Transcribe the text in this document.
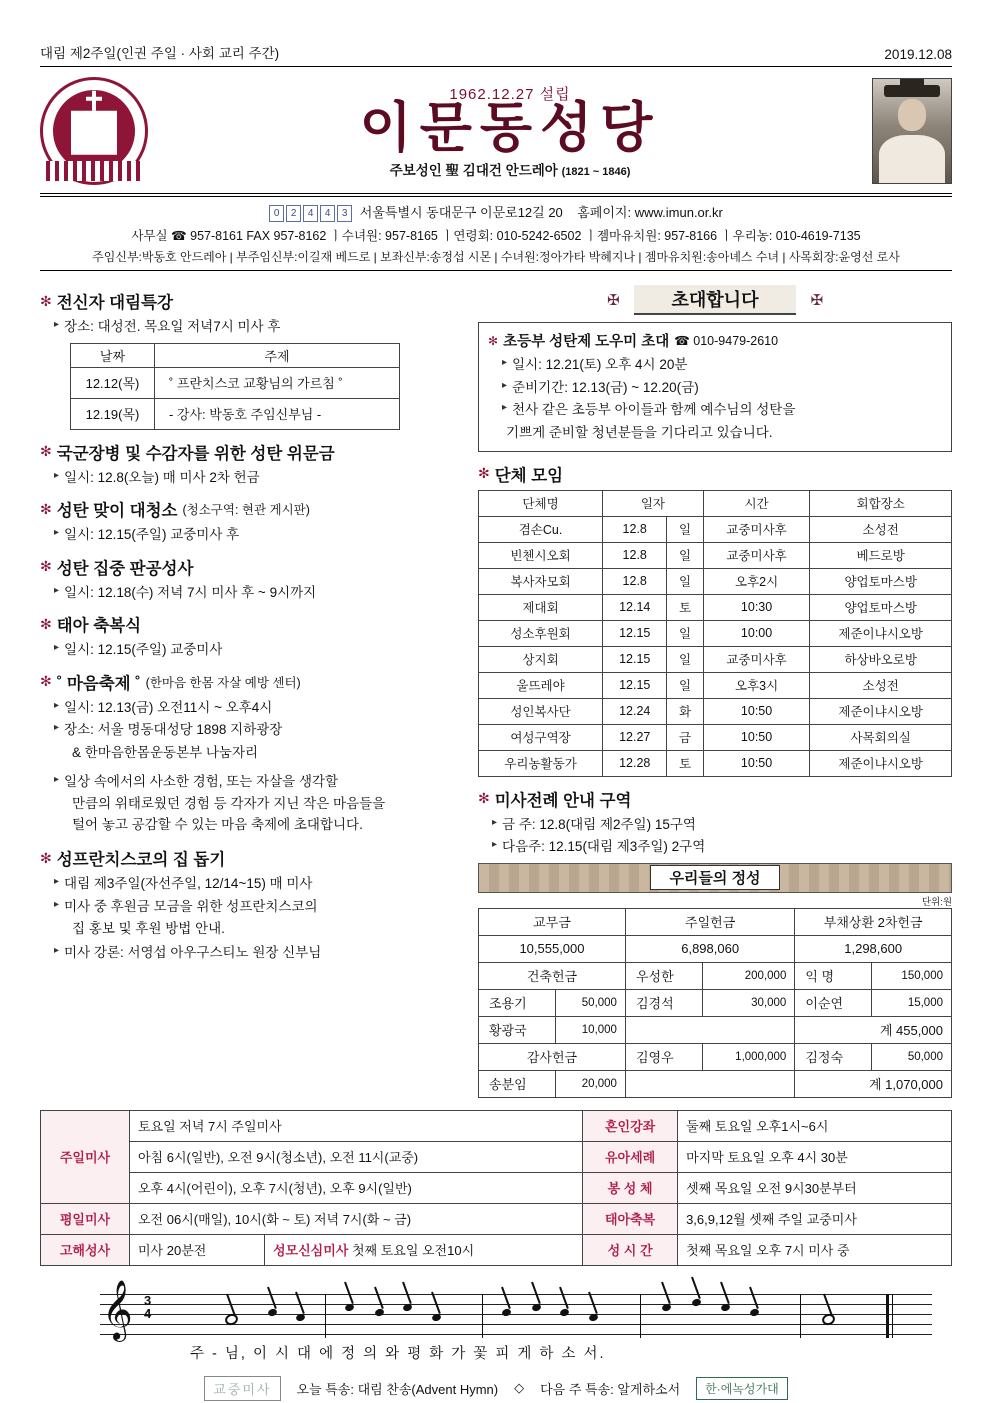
대림 제2주일(인권 주일 · 사회 교리 주간)	2019.12.08
1962.12.27 설립
이문동성당
주보성인 聖 김대건 안드레아 (1821 ~ 1846)
0	2	4	4	3 서울특별시 동대문구 이문로12길 20 홈페이지: www.imun.or.kr
사무실 ☎ 957-8161 FAX 957-8162 ㅣ수녀원: 957-8165 ㅣ연령회: 010-5242-6502 ㅣ젬마유치원: 957-8166 ㅣ우리농: 010-4619-7135
주임신부:박동호 안드레아 | 부주임신부:이길재 베드로 | 보좌신부:송정섭 시몬 | 수녀원:정아가타 박혜지나 | 젬마유치원:송아녜스 수녀 | 사목회장:윤영선 로사
✻ 전신자 대림특강
▸ 장소: 대성전. 목요일 저녁7시 미사 후
날짜	주제
12.12(목)	˚ 프란치스코 교황님의 가르침 ˚
12.19(목)	- 강사: 박동호 주임신부님 -
✻ 국군장병 및 수감자를 위한 성탄 위문금
▸ 일시: 12.8(오늘) 매 미사 2차 헌금
✻ 성탄 맞이 대청소 (청소구역: 현관 게시판)
▸ 일시: 12.15(주일) 교중미사 후
✻ 성탄 집중 판공성사
▸ 일시: 12.18(수) 저녁 7시 미사 후 ~ 9시까지
✻ 태아 축복식
▸ 일시: 12.15(주일) 교중미사
✻ ˚ 마음축제 ˚ (한마음 한몸 자살 예방 센터)
▸ 일시: 12.13(금) 오전11시 ~ 오후4시
▸ 장소: 서울 명동대성당 1898 지하광장
& 한마음한몸운동본부 나눔자리
▸ 일상 속에서의 사소한 경험, 또는 자살을 생각할
만큼의 위태로웠던 경험 등 각자가 지닌 작은 마음들을
털어 놓고 공감할 수 있는 마음 축제에 초대합니다.
✻ 성프란치스코의 집 돕기
▸ 대림 제3주일(자선주일, 12/14~15) 매 미사
▸ 미사 중 후원금 모금을 위한 성프란치스코의
집 홍보 및 후원 방법 안내.
▸ 미사 강론: 서영섭 아우구스티노 원장 신부님
✠	초대합니다	✠
✻ 초등부 성탄제 도우미 초대 ☎ 010-9479-2610
▸ 일시: 12.21(토) 오후 4시 20분
▸ 준비기간: 12.13(금) ~ 12.20(금)
▸ 천사 같은 초등부 아이들과 함께 예수님의 성탄을
기쁘게 준비할 청년분들을 기다리고 있습니다.
✻ 단체 모임
단체명	일자		시간	회합장소
겸손Cu.	12.8	일	교중미사후	소성전
빈첸시오회	12.8	일	교중미사후	베드로방
복사자모회	12.8	일	오후2시	양업토마스방
제대회	12.14	토	10:30	양업토마스방
성소후원회	12.15	일	10:00	제준이냐시오방
상지회	12.15	일	교중미사후	하상바오로방
울뜨레야	12.15	일	오후3시	소성전
성인복사단	12.24	화	10:50	제준이냐시오방
여성구역장	12.27	금	10:50	사목회의실
우리농활동가	12.28	토	10:50	제준이냐시오방
✻ 미사전례 안내 구역
▸ 금 주: 12.8(대림 제2주일) 15구역
▸ 다음주: 12.15(대림 제3주일) 2구역
우리들의 정성
단위:원
교무금		주일헌금		부채상환 2차헌금	
10,555,000		6,898,060		1,298,600	
건축헌금		우성한	200,000	익 명	150,000
조용기	50,000	김경석	30,000	이순연	15,000
황광국	10,000			계 455,000	
감사헌금		김영우	1,000,000	김정숙	50,000
송분임	20,000			계 1,070,000	
주일미사	토요일 저녁 7시 주일미사		혼인강좌	둘째 토요일 오후1시~6시
	아침 6시(일반), 오전 9시(청소년), 오전 11시(교중)		유아세례	마지막 토요일 오후 4시 30분
	오후 4시(어린이), 오후 7시(청년), 오후 9시(일반)		봉 성 체	셋째 목요일 오전 9시30분부터
평일미사	오전 06시(매일), 10시(화 ~ 토) 저녁 7시(화 ~ 금)		태아축복	3,6,9,12월 셋째 주일 교중미사
고해성사	미사 20분전	성모신심미사 첫째 토요일 오전10시	성 시 간	첫째 목요일 오후 7시 미사 중
𝄞 3
4
주 - 님, 이 시 대 에 정 의 와 평 화 가 꽃 피 게 하 소 서.
교중미사	오늘 특송: 대림 찬송(Advent Hymn) ◇ 다음 주 특송: 알게하소서	한·에녹성가대
